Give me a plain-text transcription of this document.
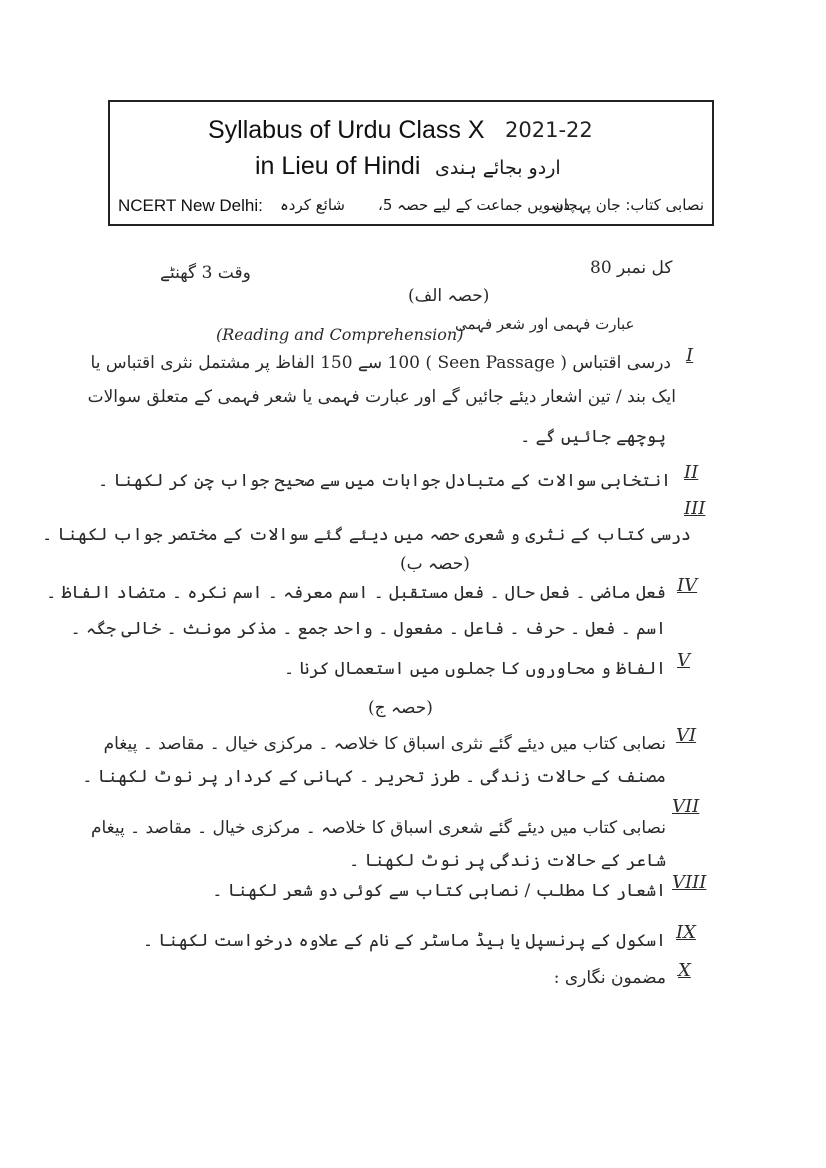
Syllabus of Urdu Class X 2021-22
in Lieu of Hindi اردو بجائے ہندی
NCERT New Delhi: شائع کردہ دسویں جماعت کے لیے حصہ 5،
نصابی کتاب: جان پہچان
وقت 3 گھنٹے	کل نمبر 80
(حصہ الف)
عبارت فہمی اور شعر فہمی
(Reading and Comprehension)
I
درسی اقتباس ( Seen Passage ) 100 سے 150 الفاظ پر مشتمل نثری اقتباس یا
ایک بند / تین اشعار دیئے جائیں گے اور عبارت فہمی یا شعر فہمی کے متعلق سوالات
پوچھے جائیں گے ۔
II
انتخابی سوالات کے متبادل جوابات میں سے صحیح جواب چن کر لکھنا ۔
III
درسی کتاب کے نثری و شعری حصہ میں دیئے گئے سوالات کے مختصر جواب لکھنا ۔
(حصہ ب)
IV
فعل ماضی ۔ فعل حال ۔ فعل مستقبل ۔ اسم معرفہ ۔ اسم نکرہ ۔ متضاد الفاظ ۔
اسم ۔ فعل ۔ حرف ۔ فاعل ۔ مفعول ۔ واحد جمع ۔ مذکر مونث ۔ خالی جگہ ۔
V
الفاظ و محاوروں کا جملوں میں استعمال کرنا ۔
(حصہ ج)
VI
نصابی کتاب میں دیئے گئے نثری اسباق کا خلاصہ ۔ مرکزی خیال ۔ مقاصد ۔ پیغام
مصنف کے حالات زندگی ۔ طرز تحریر ۔ کہانی کے کردار پر نوٹ لکھنا ۔
VII
نصابی کتاب میں دیئے گئے شعری اسباق کا خلاصہ ۔ مرکزی خیال ۔ مقاصد ۔ پیغام
شاعر کے حالات زندگی پر نوٹ لکھنا ۔
VIII
اشعار کا مطلب / نصابی کتاب سے کوئی دو شعر لکھنا ۔
IX
اسکول کے پرنسپل یا ہیڈ ماسٹر کے نام کے علاوہ درخواست لکھنا ۔
X
مضمون نگاری :
